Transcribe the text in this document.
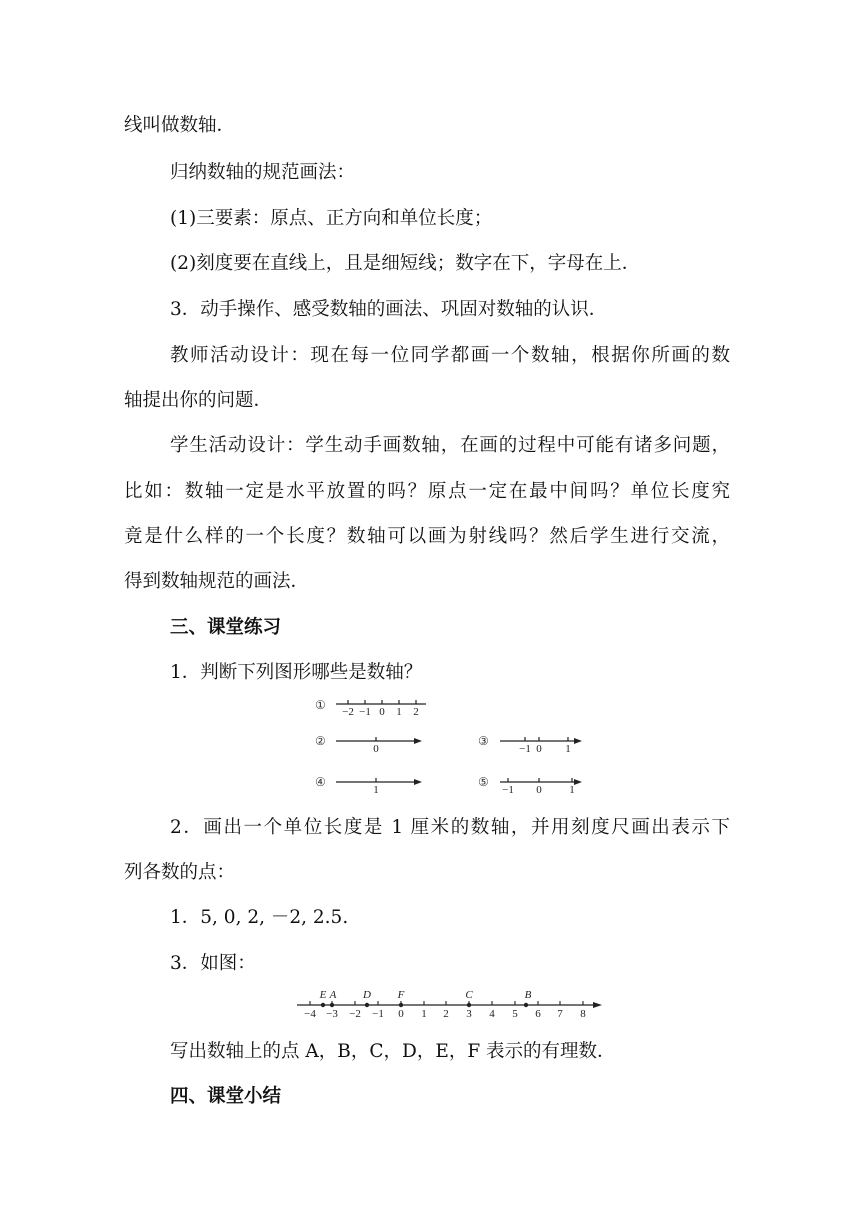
线叫做数轴．
归纳数轴的规范画法：
(1)三要素：原点、正方向和单位长度；
(2)刻度要在直线上，且是细短线；数字在下，字母在上．
3．动手操作、感受数轴的画法、巩固对数轴的认识．
教师活动设计：现在每一位同学都画一个数轴，根据你所画的数
轴提出你的问题．
学生活动设计：学生动手画数轴，在画的过程中可能有诸多问题，
比如：数轴一定是水平放置的吗？原点一定在最中间吗？单位长度究
竟是什么样的一个长度？数轴可以画为射线吗？然后学生进行交流，
得到数轴规范的画法．
三、课堂练习
1．判断下列图形哪些是数轴？
①
②
④
③
⑤
−2 −1 0 1 2
0
1
−1 0 1
−1 0	1
2．画出一个单位长度是 1 厘米的数轴，并用刻度尺画出表示下
列各数的点：
1．5, 0, 2, －2, 2.5.
3．如图：
−4 −3 −2 −1 0 1 2 3 4 5 6 7 8
E A D F	C	B
写出数轴上的点 A，B，C，D，E，F 表示的有理数．
四、课堂小结
